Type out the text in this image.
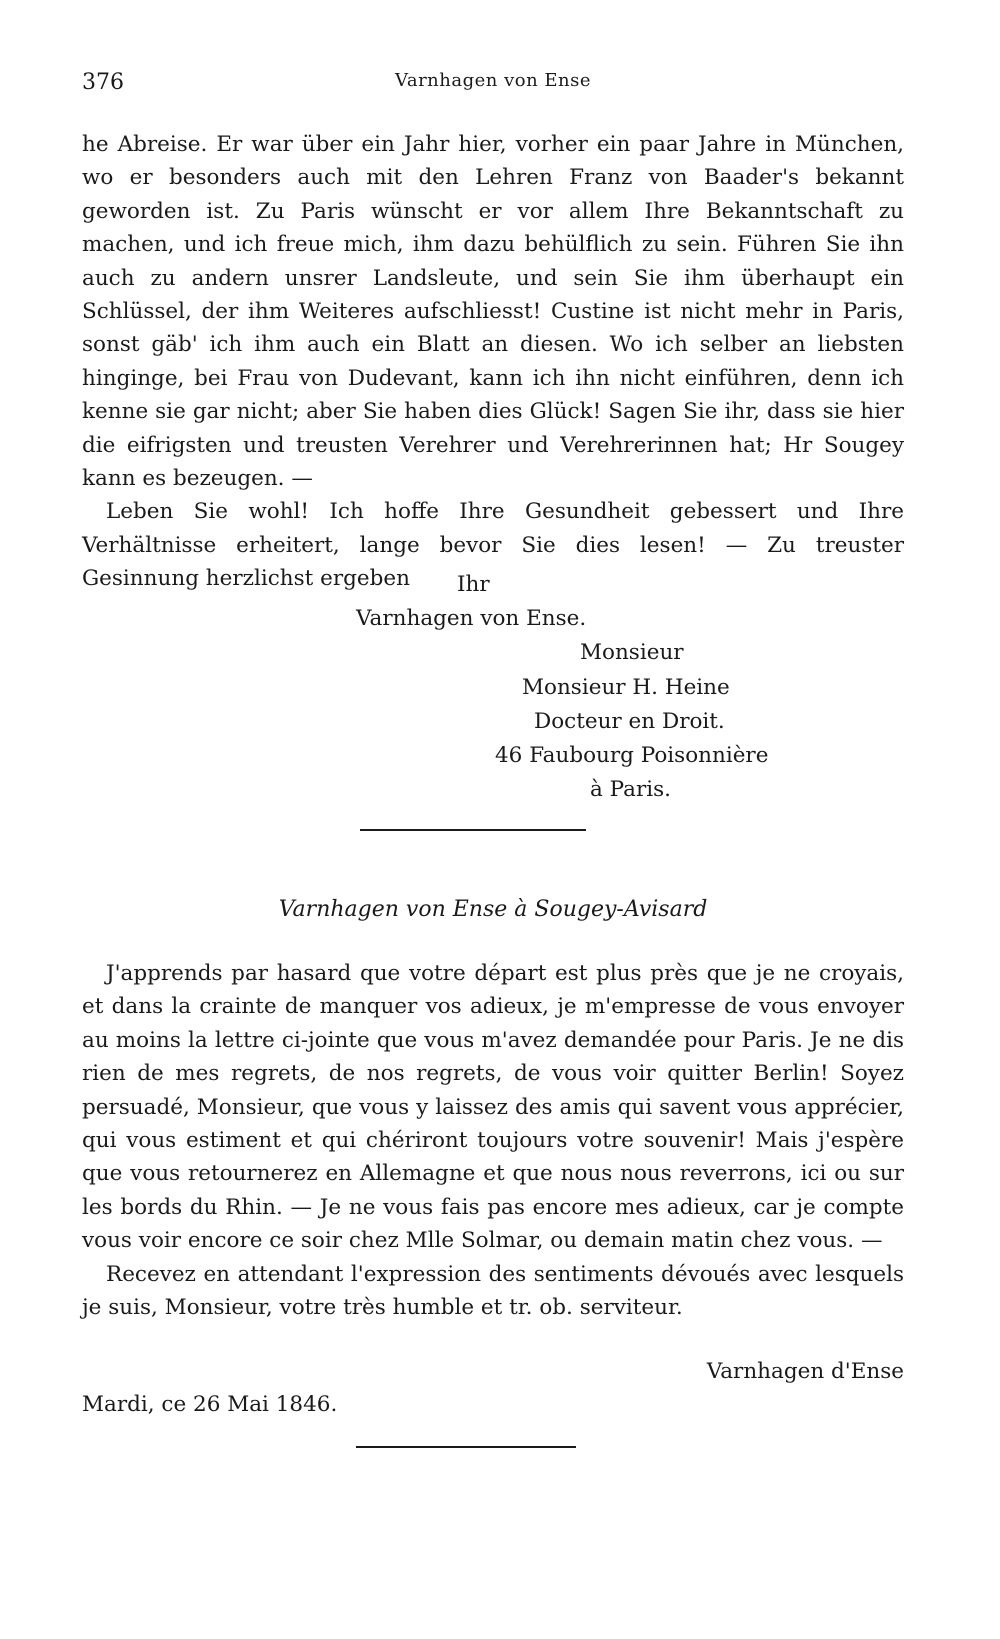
376	Varnhagen von Ense

he Abreise. Er war über ein Jahr hier, vorher ein paar Jahre in München, wo er besonders auch mit den Lehren Franz von Baader's bekannt geworden ist. Zu Paris wünscht er vor allem Ihre Bekanntschaft zu machen, und ich freue mich, ihm dazu behülflich zu sein. Führen Sie ihn auch zu andern unsrer Landsleute, und sein Sie ihm überhaupt ein Schlüssel, der ihm Weiteres aufschliesst! Custine ist nicht mehr in Paris, sonst gäb' ich ihm auch ein Blatt an diesen. Wo ich selber an liebsten hinginge, bei Frau von Dudevant, kann ich ihn nicht einführen, denn ich kenne sie gar nicht; aber Sie haben dies Glück! Sagen Sie ihr, dass sie hier die eifrigsten und treusten Verehrer und Verehrerinnen hat; Hr Sougey kann es bezeugen. —

Leben Sie wohl! Ich hoffe Ihre Gesundheit gebessert und Ihre Verhältnisse erheitert, lange bevor Sie dies lesen! — Zu treuster Gesinnung herzlichst ergeben	Ihr
Varnhagen von Ense.
Monsieur
Monsieur H. Heine
Docteur en Droit.
46 Faubourg Poisonnière
à Paris.
Varnhagen von Ense à Sougey-Avisard

J'apprends par hasard que votre départ est plus près que je ne croyais, et dans la crainte de manquer vos adieux, je m'empresse de vous envoyer au moins la lettre ci-jointe que vous m'avez demandée pour Paris. Je ne dis rien de mes regrets, de nos regrets, de vous voir quitter Berlin! Soyez persuadé, Monsieur, que vous y laissez des amis qui savent vous apprécier, qui vous estiment et qui chériront toujours votre souvenir! Mais j'espère que vous retournerez en Allemagne et que nous nous reverrons, ici ou sur les bords du Rhin. — Je ne vous fais pas encore mes adieux, car je compte vous voir encore ce soir chez Mlle Solmar, ou demain matin chez vous. —

Recevez en attendant l'expression des sentiments dévoués avec lesquels je suis, Monsieur, votre très humble et tr. ob. serviteur.

Varnhagen d'Ense
Mardi, ce 26 Mai 1846.
